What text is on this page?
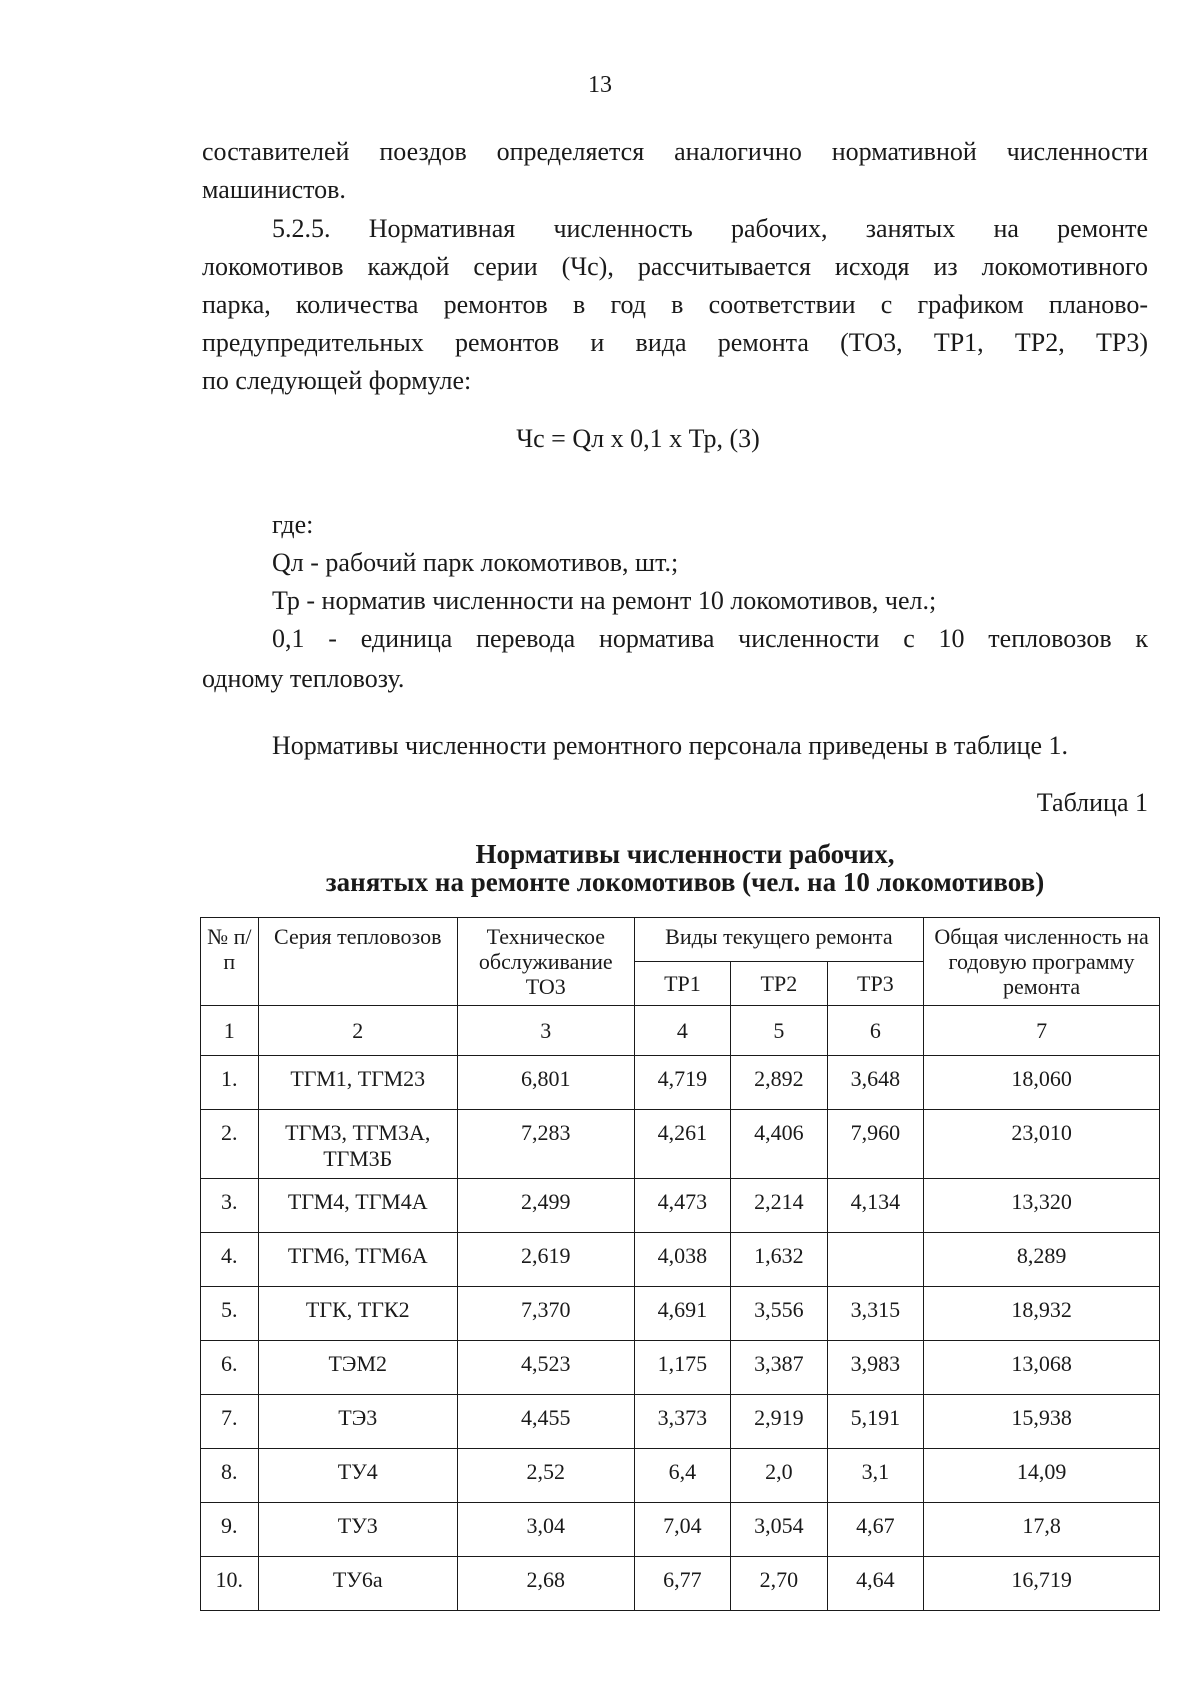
13
составителей поездов определяется аналогично нормативной численности
машинистов.
5.2.5. Нормативная численность рабочих, занятых на ремонте
локомотивов каждой серии (Чс), рассчитывается исходя из локомотивного
парка, количества ремонтов в год в соответствии с графиком планово-
предупредительных ремонтов и вида ремонта (ТО3, ТР1, ТР2, ТР3)
по следующей формуле:
Чс = Qл х 0,1 х Тр, (3)
где:
Qл - рабочий парк локомотивов, шт.;
Тр - норматив численности на ремонт 10 локомотивов, чел.;
0,1 - единица перевода норматива численности с 10 тепловозов к
одному тепловозу.
Нормативы численности ремонтного персонала приведены в таблице 1.
Таблица 1
Нормативы численности рабочих,
занятых на ремонте локомотивов (чел. на 10 локомотивов)
№ п/п	Серия тепловозов	Техническое обслуживание ТО3	Виды текущего ремонта			Общая численность на годовую программу ремонта
			ТР1	ТР2	ТР3	
1	2	3	4	5	6	7
1.	ТГМ1, ТГМ23	6,801	4,719	2,892	3,648	18,060
2.	ТГМ3, ТГМ3А, ТГМ3Б	7,283	4,261	4,406	7,960	23,010
3.	ТГМ4, ТГМ4А	2,499	4,473	2,214	4,134	13,320
4.	ТГМ6, ТГМ6А	2,619	4,038	1,632		8,289
5.	ТГК, ТГК2	7,370	4,691	3,556	3,315	18,932
6.	ТЭМ2	4,523	1,175	3,387	3,983	13,068
7.	ТЭ3	4,455	3,373	2,919	5,191	15,938
8.	ТУ4	2,52	6,4	2,0	3,1	14,09
9.	ТУ3	3,04	7,04	3,054	4,67	17,8
10.	ТУ6а	2,68	6,77	2,70	4,64	16,719
